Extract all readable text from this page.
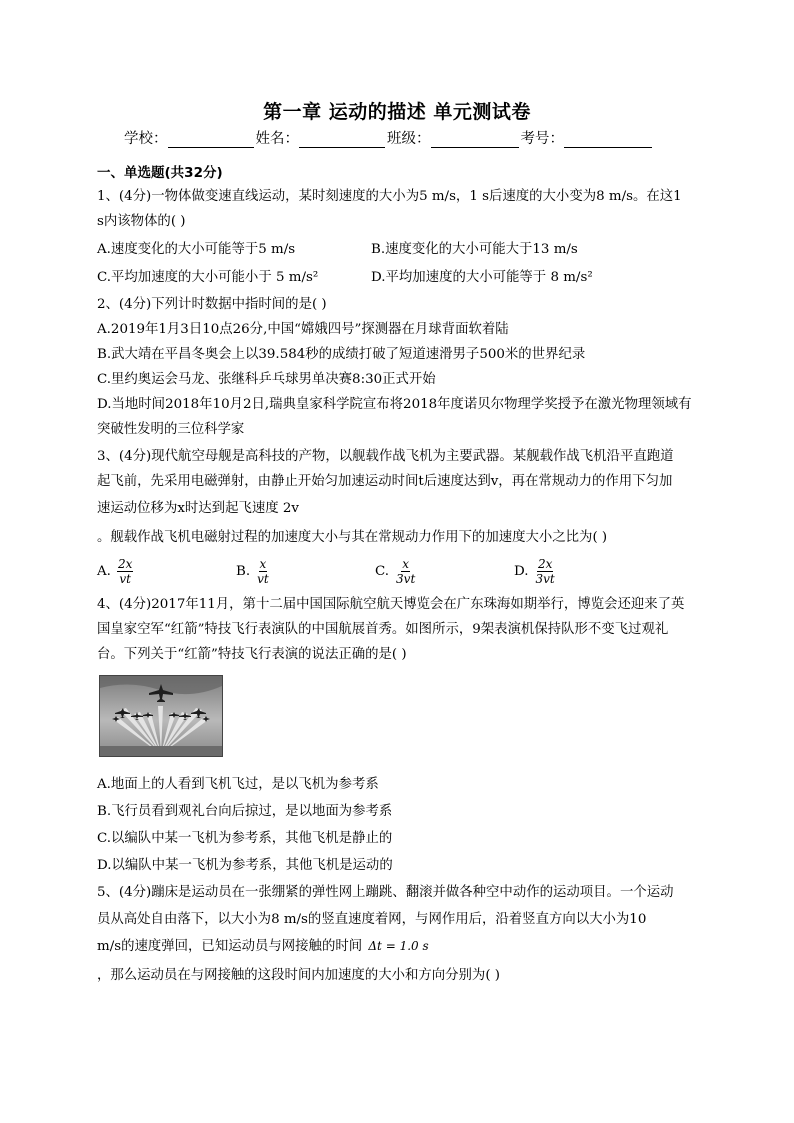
第一章 运动的描述 单元测试卷
学校：	姓名：	班级：	考号：
一、单选题(共32分)

1、(4分)一物体做变速直线运动，某时刻速度的大小为5 m/s，1 s后速度的大小变为8 m/s。在这1

s内该物体的( )

A.速度变化的大小可能等于5 m/s	B.速度变化的大小可能大于13 m/s
C.平均加速度的大小可能小于 5 m/s²	D.平均加速度的大小可能等于 8 m/s²

2、(4分)下列计时数据中指时间的是( )

A.2019年1月3日10点26分,中国“嫦娥四号”探测器在月球背面软着陆

B.武大靖在平昌冬奥会上以39.584秒的成绩打破了短道速滑男子500米的世界纪录

C.里约奥运会马龙、张继科乒乓球男单决赛8:30正式开始

D.当地时间2018年10月2日,瑞典皇家科学院宣布将2018年度诺贝尔物理学奖授予在激光物理领域有

突破性发明的三位科学家

3、(4分)现代航空母舰是高科技的产物，以舰载作战飞机为主要武器。某舰载作战飞机沿平直跑道

起飞前，先采用电磁弹射，由静止开始匀加速运动时间t后速度达到v，再在常规动力的作用下匀加

速运动位移为x时达到起飞速度 2v

。舰载作战飞机电磁射过程的加速度大小与其在常规动力作用下的加速度大小之比为( )

A. $\frac{2x}{vt}$	B. $\frac{x}{vt}$	C. $\frac{x}{3vt}$	D. $\frac{2x}{3vt}$

4、(4分)2017年11月，第十二届中国国际航空航天博览会在广东珠海如期举行，博览会还迎来了英

国皇家空军“红箭”特技飞行表演队的中国航展首秀。如图所示，9架表演机保持队形不变飞过观礼

台。下列关于“红箭”特技飞行表演的说法正确的是( )

A.地面上的人看到飞机飞过，是以飞机为参考系

B.飞行员看到观礼台向后掠过，是以地面为参考系

C.以编队中某一飞机为参考系，其他飞机是静止的

D.以编队中某一飞机为参考系，其他飞机是运动的

5、(4分)蹦床是运动员在一张绷紧的弹性网上蹦跳、翻滚并做各种空中动作的运动项目。一个运动

员从高处自由落下，以大小为8 m/s的竖直速度着网，与网作用后，沿着竖直方向以大小为10

m/s的速度弹回，已知运动员与网接触的时间 Δt = 1.0 s

，那么运动员在与网接触的这段时间内加速度的大小和方向分别为( )
